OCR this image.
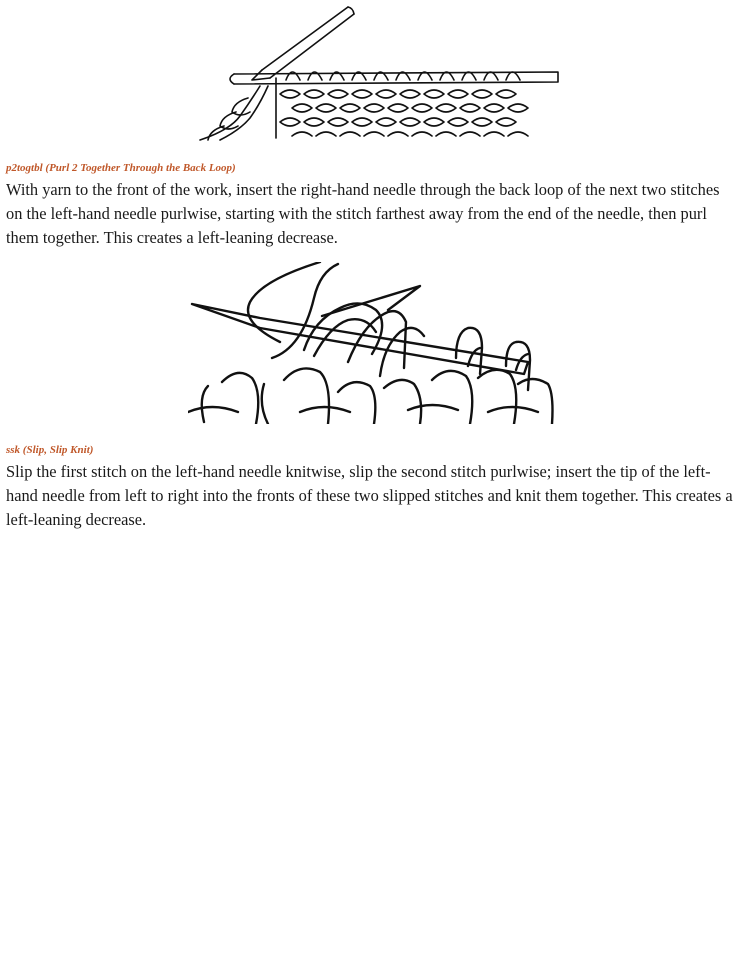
p2togtbl (Purl 2 Together Through the Back Loop)

With yarn to the front of the work, insert the right-hand needle through the back loop of the next two stitches on the left-hand needle purlwise, starting with the stitch farthest away from the end of the needle, then purl them together. This creates a left-leaning decrease.

ssk (Slip, Slip Knit)

Slip the first stitch on the left-hand needle knitwise, slip the second stitch purlwise; insert the tip of the left-hand needle from left to right into the fronts of these two slipped stitches and knit them together. This creates a left-leaning decrease.
